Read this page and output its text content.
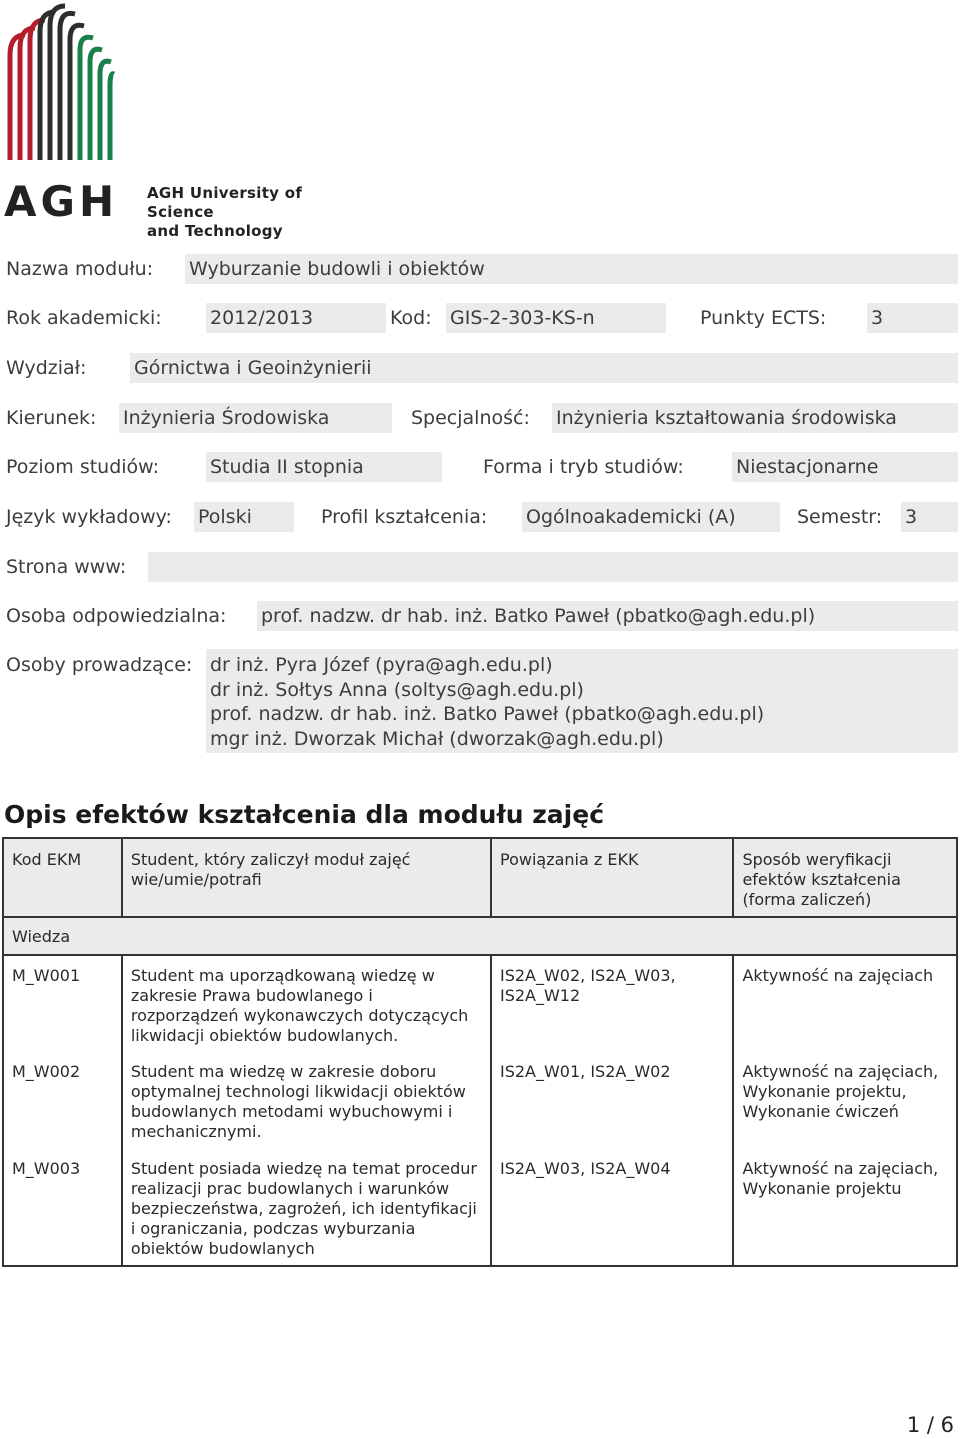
AGH AGH University of Science
and Technology
Nazwa modułu: Wyburzanie budowli i obiektów
Rok akademicki:	2012/2013	Kod: GIS-2-303-KS-n	Punkty ECTS: 3
Wydział:	Górnictwa i Geoinżynierii
Kierunek: Inżynieria Środowiska	Specjalność: Inżynieria kształtowania środowiska
Poziom studiów:	Studia II stopnia	Forma i tryb studiów:	Niestacjonarne
Język wykładowy: Polski	Profil kształcenia: Ogólnoakademicki (A)	Semestr: 3
Strona www:
Osoba odpowiedzialna: prof. nadzw. dr hab. inż. Batko Paweł (pbatko@agh.edu.pl)
Osoby prowadzące: dr inż. Pyra Józef (pyra@agh.edu.pl)
dr inż. Sołtys Anna (soltys@agh.edu.pl)
prof. nadzw. dr hab. inż. Batko Paweł (pbatko@agh.edu.pl)
mgr inż. Dworzak Michał (dworzak@agh.edu.pl)
Opis efektów kształcenia dla modułu zajęć
Kod EKM	Student, który zaliczył moduł zajęć wie/umie/potrafi	Powiązania z EKK	Sposób weryfikacji efektów kształcenia (forma zaliczeń)
Wiedza			
M_W001	Student ma uporządkowaną wiedzę w zakresie Prawa budowlanego i rozporządzeń wykonawczych dotyczących likwidacji obiektów budowlanych.	IS2A_W02, IS2A_W03, IS2A_W12	Aktywność na zajęciach
M_W002	Student ma wiedzę w zakresie doboru optymalnej technologi likwidacji obiektów budowlanych metodami wybuchowymi i mechanicznymi.	IS2A_W01, IS2A_W02	Aktywność na zajęciach, Wykonanie projektu, Wykonanie ćwiczeń
M_W003	Student posiada wiedzę na temat procedur realizacji prac budowlanych i warunków bezpieczeństwa, zagrożeń, ich identyfikacji i ograniczania, podczas wyburzania obiektów budowlanych	IS2A_W03, IS2A_W04	Aktywność na zajęciach, Wykonanie projektu
1 / 6
